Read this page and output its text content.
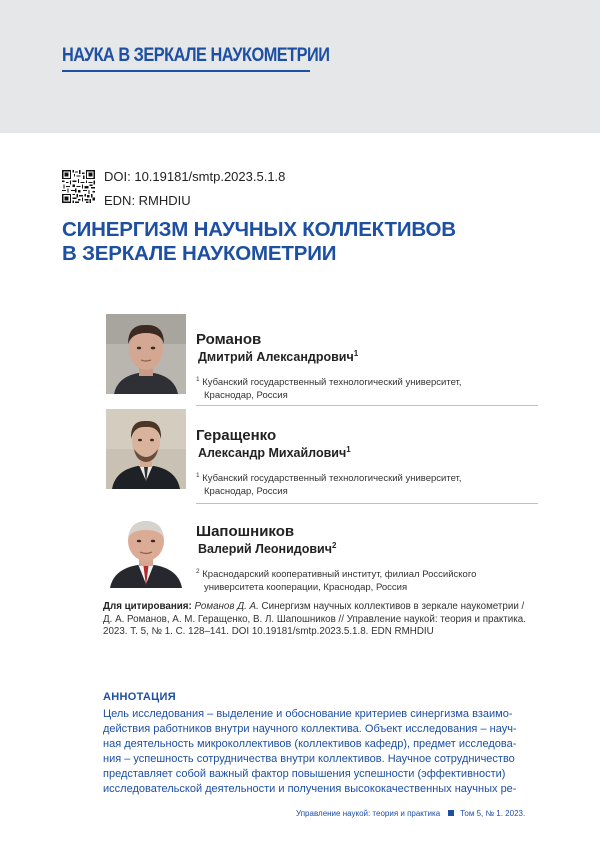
НАУКА В ЗЕРКАЛЕ НАУКОМЕТРИИ
DOI: 10.19181/smtp.2023.5.1.8
EDN: RMHDIU
СИНЕРГИЗМ НАУЧНЫХ КОЛЛЕКТИВОВ
В ЗЕРКАЛЕ НАУКОМЕТРИИ
Романов
Дмитрий Александрович$^1$
$^1$ Кубанский государственный технологический университет,
Краснодар, Россия
Геращенко
Александр Михайлович$^1$
$^1$ Кубанский государственный технологический университет,
Краснодар, Россия
Шапошников
Валерий Леонидович$^2$
$^2$ Краснодарский кооперативный институт, филиал Российского
университета кооперации, Краснодар, Россия
Для цитирования: Романов Д. А. Синергизм научных коллективов в зеркале наукометрии /
Д. А. Романов, А. М. Геращенко, В. Л. Шапошников // Управление наукой: теория и практика.
2023. Т. 5, № 1. С. 128–141. DOI 10.19181/smtp.2023.5.1.8. EDN RMHDIU
АННОТАЦИЯ
Цель исследования – выделение и обоснование критериев синергизма взаимо-
действия работников внутри научного коллектива. Объект исследования – науч-
ная деятельность микроколлективов (коллективов кафедр), предмет исследова-
ния – успешность сотрудничества внутри коллективов. Научное сотрудничество
представляет собой важный фактор повышения успешности (эффективности)
исследовательской деятельности и получения высококачественных научных ре-
Управление наукой: теория и практика	Том 5, № 1. 2023.
